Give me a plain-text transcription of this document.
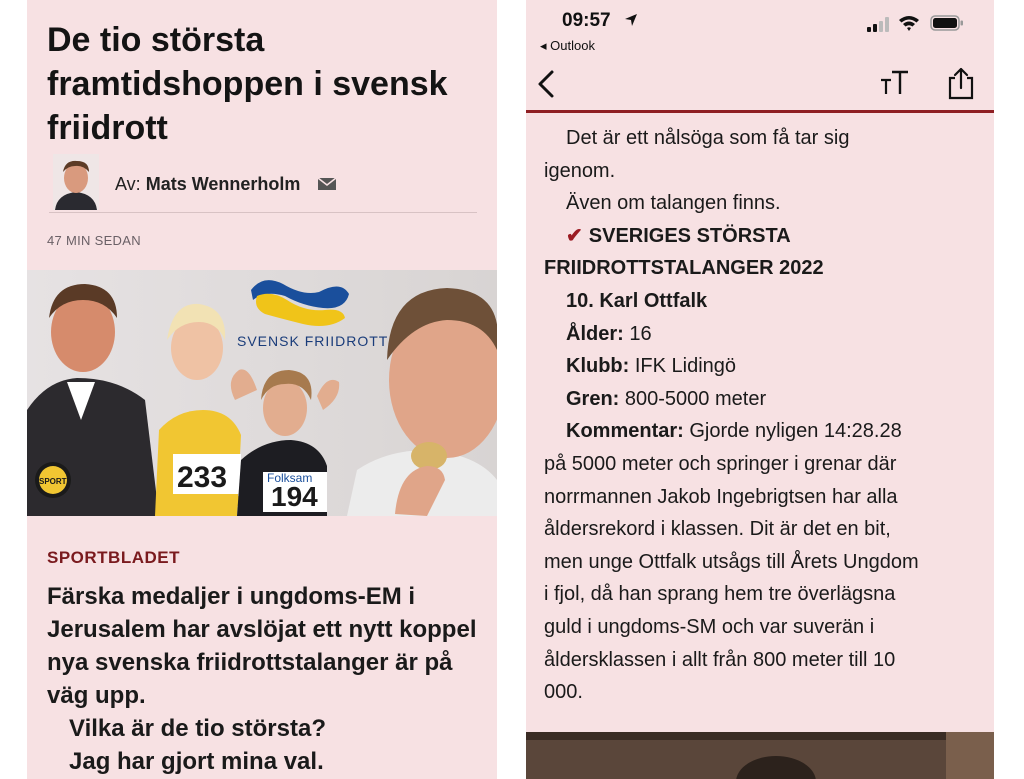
De tio största framtidshoppen i svensk friidrott
Av: Mats Wennerholm
47 MIN SEDAN
233
SVENSK FRIIDROTT
194
Folksam
SPORT
SPORTBLADET

Färska medaljer i ungdoms-EM i Jerusalem har avslöjat ett nytt koppel nya svenska friidrottstalanger är på väg upp.
Vilka är de tio största?
Jag har gjort mina val.

09:57
◂ Outlook

Det är ett nålsöga som få tar sig

igenom.

Även om talangen finns.

✔ SVERIGES STÖRSTA

FRIIDROTTSTALANGER 2022

10. Karl Ottfalk

Ålder: 16

Klubb: IFK Lidingö

Gren: 800-5000 meter

Kommentar: Gjorde nyligen 14:28.28

på 5000 meter och springer i grenar där

norrmannen Jakob Ingebrigtsen har alla

åldersrekord i klassen. Dit är det en bit,

men unge Ottfalk utsågs till Årets Ungdom

i fjol, då han sprang hem tre överlägsna

guld i ungdoms-SM och var suverän i

åldersklassen i allt från 800 meter till 10

000.
